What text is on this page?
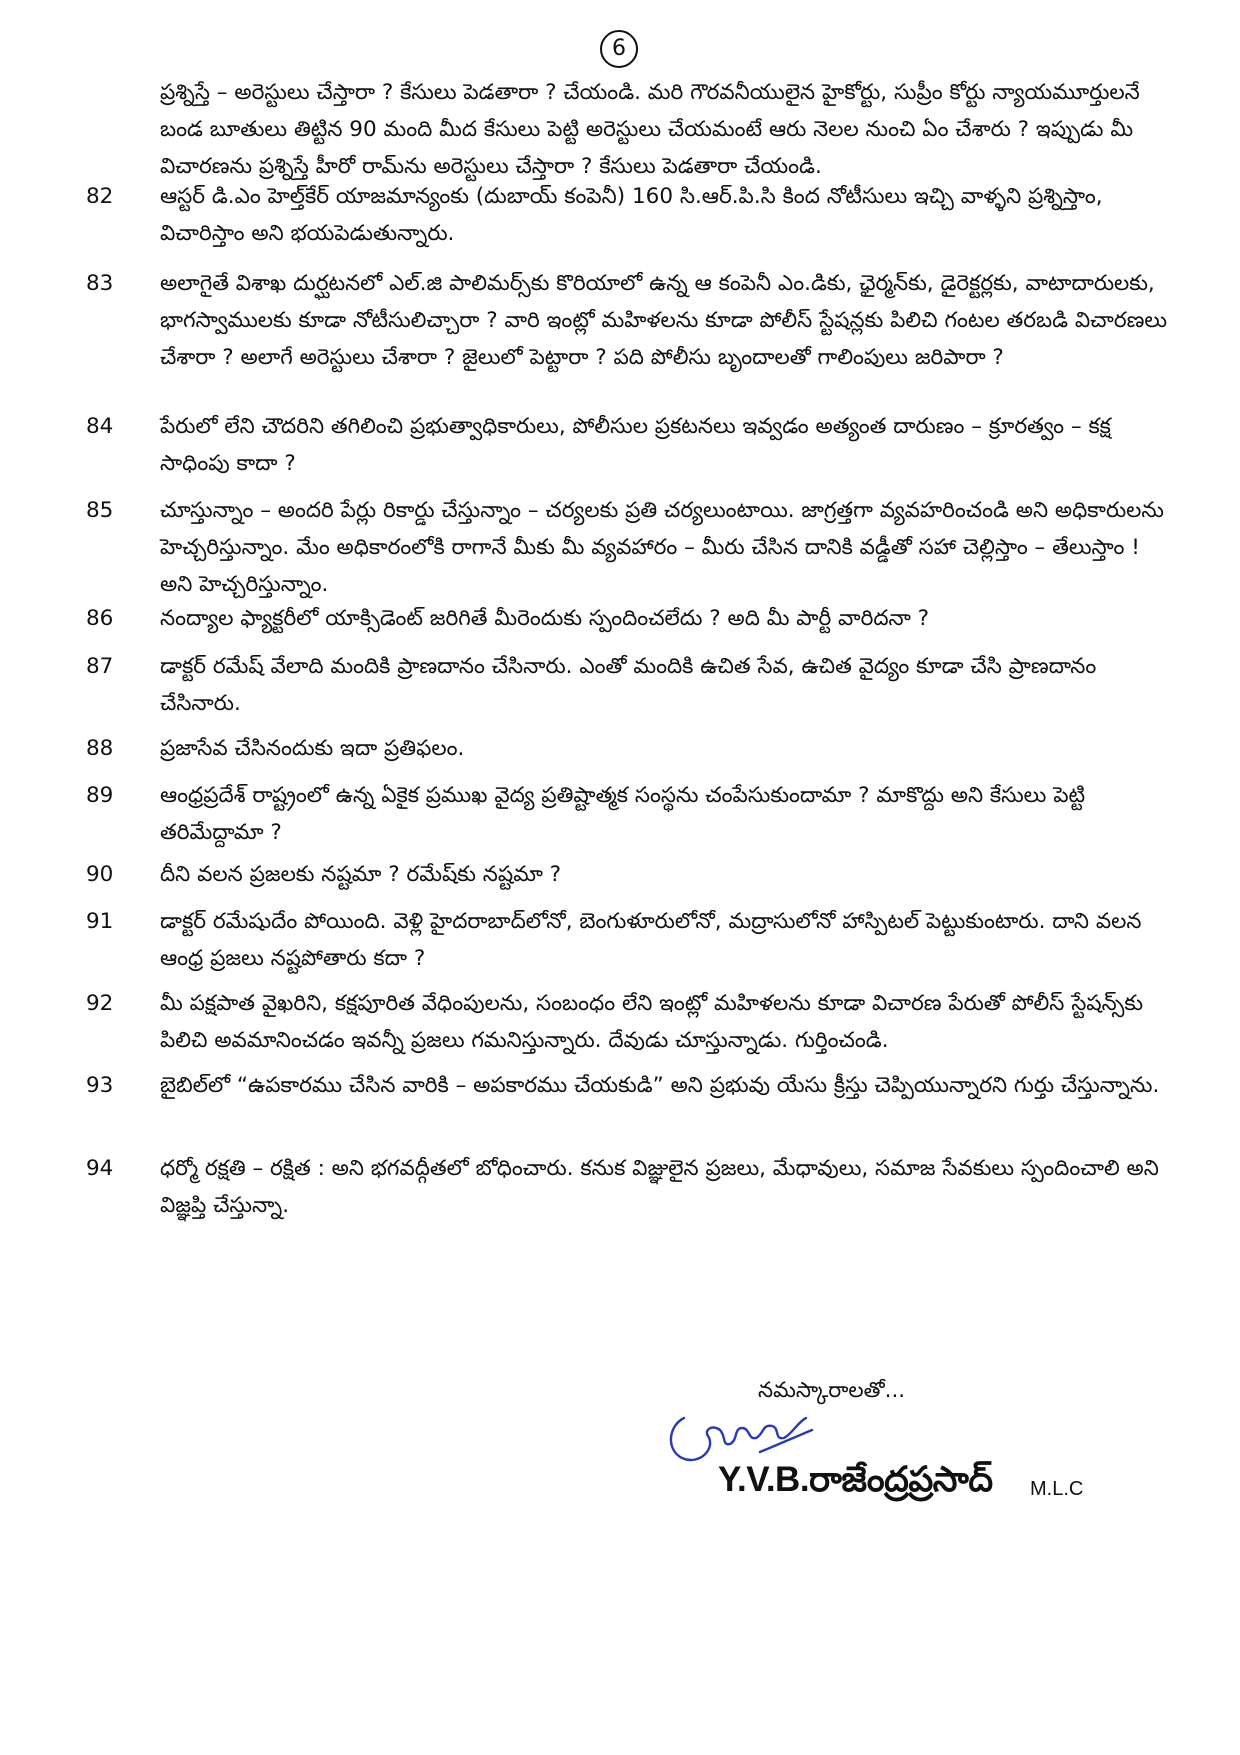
6

ప్రశ్నిస్తే – అరెస్టులు చేస్తారా ? కేసులు పెడతారా ? చేయండి. మరి గౌరవనీయులైన హైకోర్టు, సుప్రీం కోర్టు న్యాయమూర్తులనే బండ బూతులు తిట్టిన 90 మంది మీద కేసులు పెట్టి అరెస్టులు చేయమంటే ఆరు నెలల నుంచి ఏం చేశారు ? ఇప్పుడు మీ విచారణను ప్రశ్నిస్తే హీరో రామ్‌ను అరెస్టులు చేస్తారా ? కేసులు పెడతారా చేయండి.

82	ఆస్టర్ డి.ఎం హెల్త్‌కేర్ యాజమాన్యంకు (దుబాయ్ కంపెనీ) 160 సి.ఆర్.పి.సి కింద నోటీసులు ఇచ్చి వాళ్ళని ప్రశ్నిస్తాం, విచారిస్తాం అని భయపెడుతున్నారు.
83	అలాగైతే విశాఖ దుర్ఘటనలో ఎల్.జి పాలిమర్స్‌కు కొరియాలో ఉన్న ఆ కంపెనీ ఎం.డికు, ఛైర్మన్‌కు, డైరెక్టర్లకు, వాటాదారులకు, భాగస్వాములకు కూడా నోటీసులిచ్చారా ? వారి ఇంట్లో మహిళలను కూడా పోలీస్ స్టేషన్లకు పిలిచి గంటల తరబడి విచారణలు చేశారా ? అలాగే అరెస్టులు చేశారా ? జైలులో పెట్టారా ? పది పోలీసు బృందాలతో గాలింపులు జరిపారా ?
84	పేరులో లేని చౌదరిని తగిలించి ప్రభుత్వాధికారులు, పోలీసుల ప్రకటనలు ఇవ్వడం అత్యంత దారుణం – క్రూరత్వం – కక్ష సాధింపు కాదా ?
85	చూస్తున్నాం – అందరి పేర్లు రికార్డు చేస్తున్నాం – చర్యలకు ప్రతి చర్యలుంటాయి. జాగ్రత్తగా వ్యవహరించండి అని అధికారులను హెచ్చరిస్తున్నాం. మేం అధికారంలోకి రాగానే మీకు మీ వ్యవహారం – మీరు చేసిన దానికి వడ్డీతో సహా చెల్లిస్తాం – తేలుస్తాం ! అని హెచ్చరిస్తున్నాం.
86	నంద్యాల ఫ్యాక్టరీలో యాక్సిడెంట్ జరిగితే మీరెందుకు స్పందించలేదు ? అది మీ పార్టీ వారిదనా ?
87	డాక్టర్ రమేష్ వేలాది మందికి ప్రాణదానం చేసినారు. ఎంతో మందికి ఉచిత సేవ, ఉచిత వైద్యం కూడా చేసి ప్రాణదానం చేసినారు.
88	ప్రజాసేవ చేసినందుకు ఇదా ప్రతిఫలం.
89	ఆంధ్రప్రదేశ్ రాష్ట్రంలో ఉన్న ఏకైక ప్రముఖ వైద్య ప్రతిష్టాత్మక సంస్థను చంపేసుకుందామా ? మాకొద్దు అని కేసులు పెట్టి తరిమేద్దామా ?
90	దీని వలన ప్రజలకు నష్టమా ? రమేష్‌కు నష్టమా ?
91	డాక్టర్ రమేషుదేం పోయింది. వెళ్లి హైదరాబాద్‌లోనో, బెంగుళూరులోనో, మద్రాసులోనో హాస్పిటల్ పెట్టుకుంటారు. దాని వలన ఆంధ్ర ప్రజలు నష్టపోతారు కదా ?
92	మీ పక్షపాత వైఖరిని, కక్షపూరిత వేధింపులను, సంబంధం లేని ఇంట్లో మహిళలను కూడా విచారణ పేరుతో పోలీస్ స్టేషన్స్‌కు పిలిచి అవమానించడం ఇవన్నీ ప్రజలు గమనిస్తున్నారు. దేవుడు చూస్తున్నాడు. గుర్తించండి.
93	బైబిల్‌లో “ఉపకారము చేసిన వారికి – అపకారము చేయకుడి” అని ప్రభువు యేసు క్రీస్తు చెప్పియున్నారని గుర్తు చేస్తున్నాను.
94	ధర్మో రక్షతి – రక్షిత : అని భగవద్గీతలో బోధించారు. కనుక విజ్ఞులైన ప్రజలు, మేధావులు, సమాజ సేవకులు స్పందించాలి అని విజ్ఞప్తి చేస్తున్నా.
నమస్కారాలతో...
Y.V.B.రాజేంద్రప్రసాద్ M.L.C
